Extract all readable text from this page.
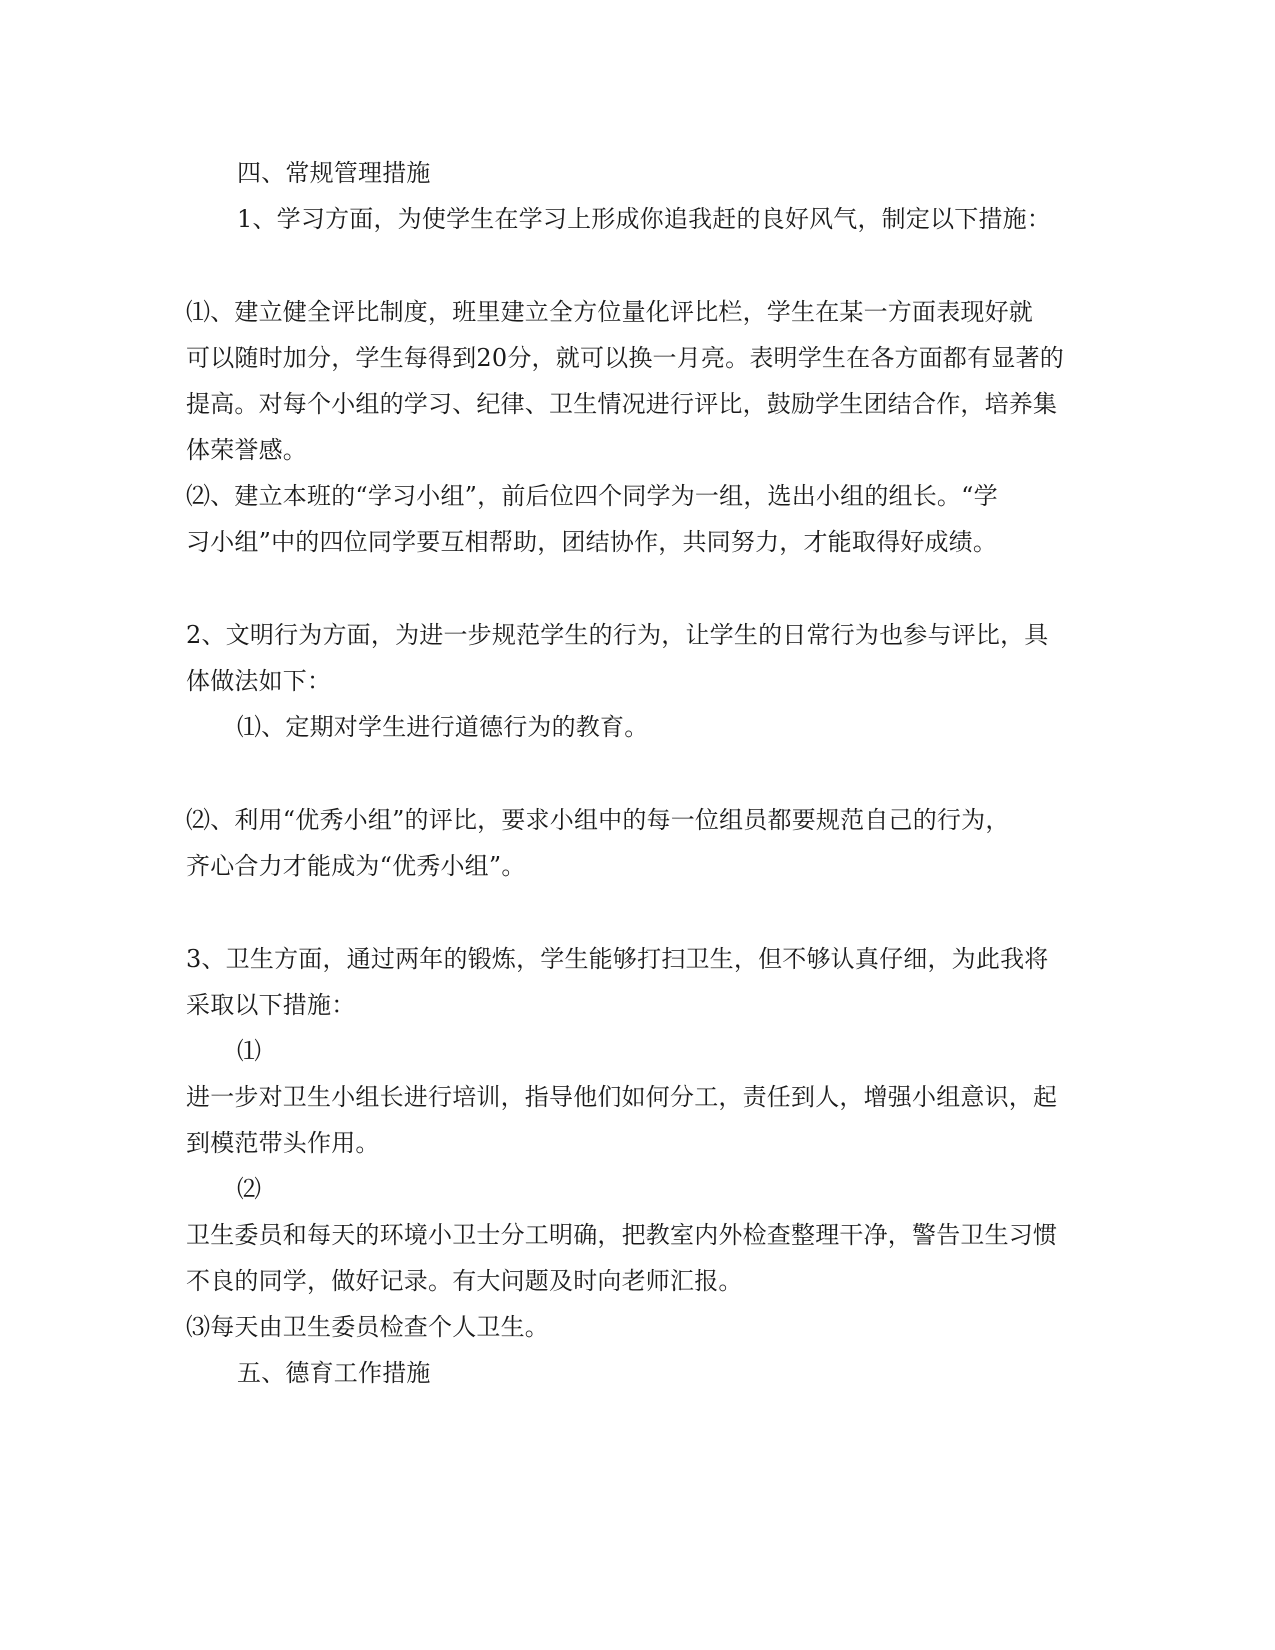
四、常规管理措施
1、学习方面，为使学生在学习上形成你追我赶的良好风气，制定以下措施：
⑴、建立健全评比制度，班里建立全方位量化评比栏，学生在某一方面表现好就
可以随时加分，学生每得到20分，就可以换一月亮。表明学生在各方面都有显著的
提高。对每个小组的学习、纪律、卫生情况进行评比，鼓励学生团结合作，培养集
体荣誉感。
⑵、建立本班的“学习小组”，前后位四个同学为一组，选出小组的组长。“学
习小组”中的四位同学要互相帮助，团结协作，共同努力，才能取得好成绩。
2、文明行为方面，为进一步规范学生的行为，让学生的日常行为也参与评比，具
体做法如下：
⑴、定期对学生进行道德行为的教育。
⑵、利用“优秀小组”的评比，要求小组中的每一位组员都要规范自己的行为，
齐心合力才能成为“优秀小组”。
3、卫生方面，通过两年的锻炼，学生能够打扫卫生，但不够认真仔细，为此我将
采取以下措施：
⑴
进一步对卫生小组长进行培训，指导他们如何分工，责任到人，增强小组意识，起
到模范带头作用。
⑵
卫生委员和每天的环境小卫士分工明确，把教室内外检查整理干净，警告卫生习惯
不良的同学，做好记录。有大问题及时向老师汇报。
⑶每天由卫生委员检查个人卫生。
五、德育工作措施
